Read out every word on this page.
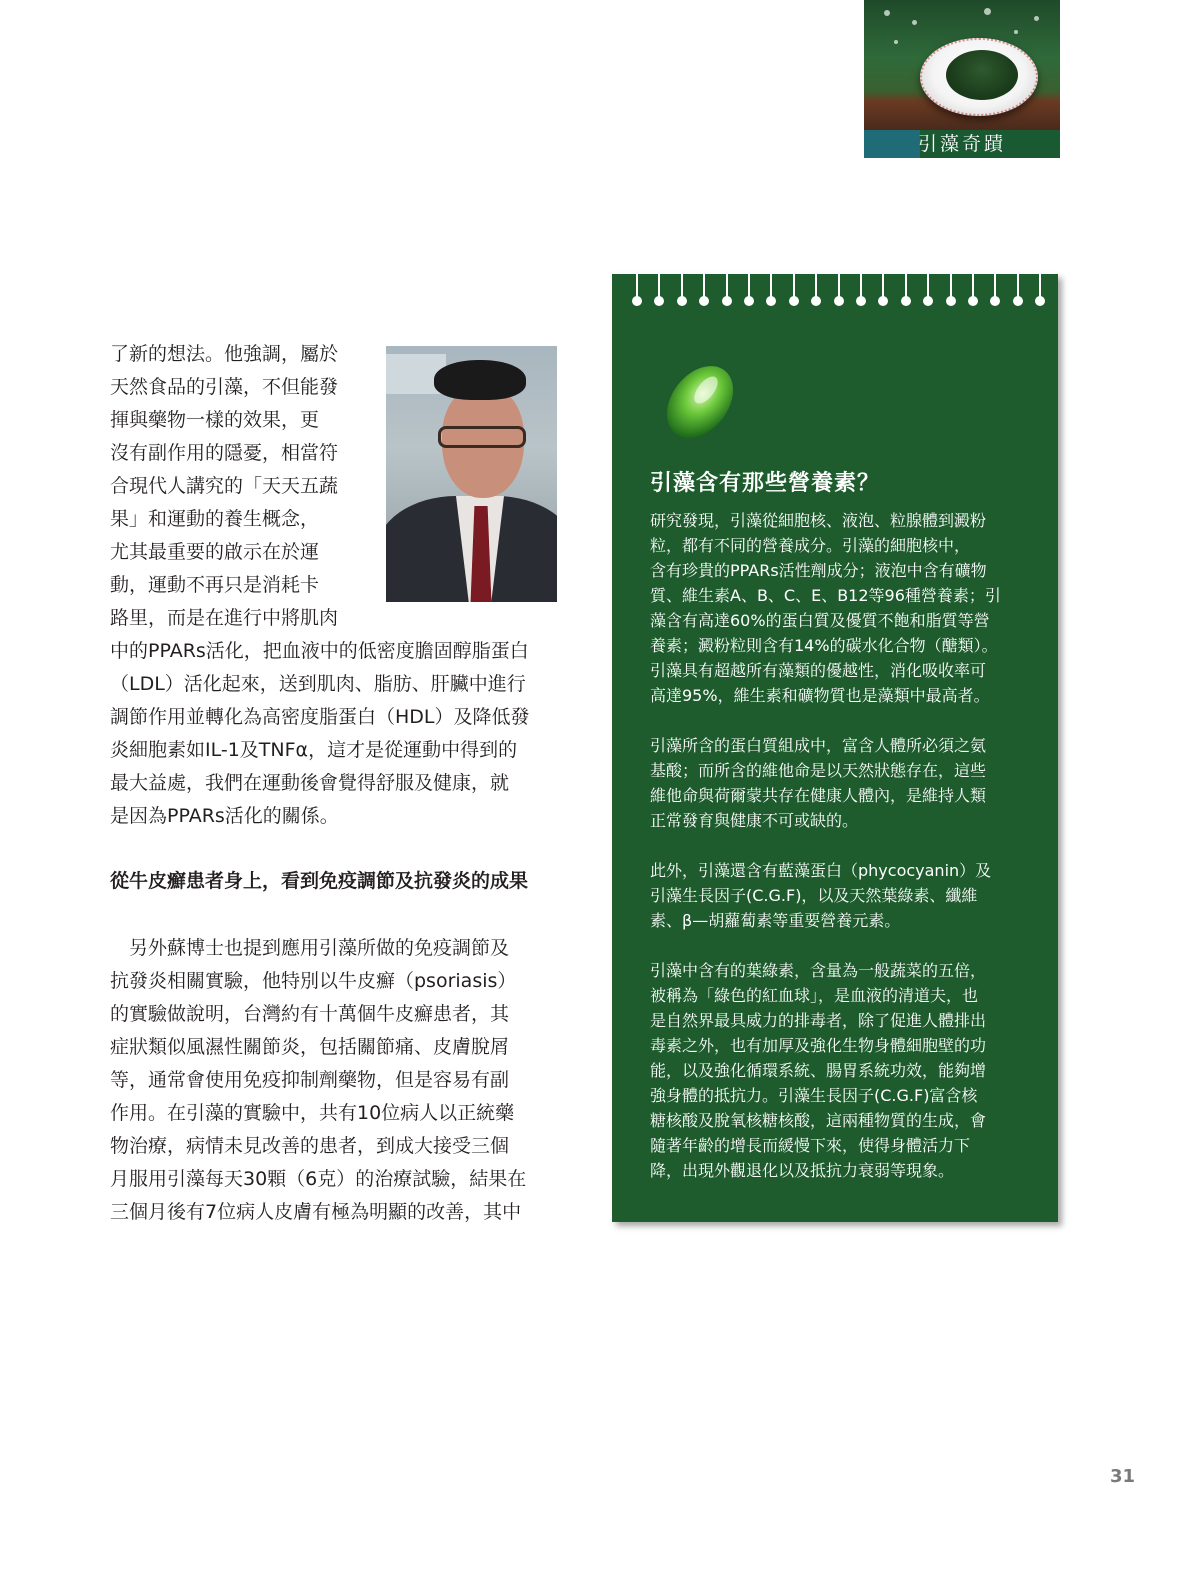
引藻奇蹟

了新的想法。他強調，屬於

天然食品的引藻，不但能發

揮與藥物一樣的效果，更

沒有副作用的隱憂，相當符

合現代人講究的「天天五蔬

果」和運動的養生概念，

尤其最重要的啟示在於運

動，運動不再只是消耗卡

路里，而是在進行中將肌肉

中的PPARs活化，把血液中的低密度膽固醇脂蛋白

（LDL）活化起來，送到肌肉、脂肪、肝臟中進行

調節作用並轉化為高密度脂蛋白（HDL）及降低發

炎細胞素如IL-1及TNFα，這才是從運動中得到的

最大益處，我們在運動後會覺得舒服及健康，就

是因為PPARs活化的關係。

從牛皮癬患者身上，看到免疫調節及抗發炎的成果

　另外蘇博士也提到應用引藻所做的免疫調節及

抗發炎相關實驗，他特別以牛皮癬（psoriasis）

的實驗做說明，台灣約有十萬個牛皮癬患者，其

症狀類似風濕性關節炎，包括關節痛、皮膚脫屑

等，通常會使用免疫抑制劑藥物，但是容易有副

作用。在引藻的實驗中，共有10位病人以正統藥

物治療，病情未見改善的患者，到成大接受三個

月服用引藻每天30顆（6克）的治療試驗，結果在

三個月後有7位病人皮膚有極為明顯的改善，其中

引藻含有那些營養素？

研究發現，引藻從細胞核、液泡、粒腺體到澱粉
粒，都有不同的營養成分。引藻的細胞核中，
含有珍貴的PPARs活性劑成分；液泡中含有礦物
質、維生素A、B、C、E、B12等96種營養素；引
藻含有高達60%的蛋白質及優質不飽和脂質等營
養素；澱粉粒則含有14%的碳水化合物（醣類）。
引藻具有超越所有藻類的優越性，消化吸收率可
高達95%，維生素和礦物質也是藻類中最高者。

引藻所含的蛋白質組成中，富含人體所必須之氨
基酸；而所含的維他命是以天然狀態存在，這些
維他命與荷爾蒙共存在健康人體內，是維持人類
正常發育與健康不可或缺的。

此外，引藻還含有藍藻蛋白（phycocyanin）及
引藻生長因子(C.G.F)，以及天然葉綠素、纖維
素、β—胡蘿蔔素等重要營養元素。

引藻中含有的葉綠素，含量為一般蔬菜的五倍，
被稱為「綠色的紅血球」，是血液的清道夫，也
是自然界最具威力的排毒者，除了促進人體排出
毒素之外，也有加厚及強化生物身體細胞壁的功
能，以及強化循環系統、腸胃系統功效，能夠增
強身體的抵抗力。引藻生長因子(C.G.F)富含核
糖核酸及脫氧核糖核酸，這兩種物質的生成，會
隨著年齡的增長而緩慢下來，使得身體活力下
降，出現外觀退化以及抵抗力衰弱等現象。

31
